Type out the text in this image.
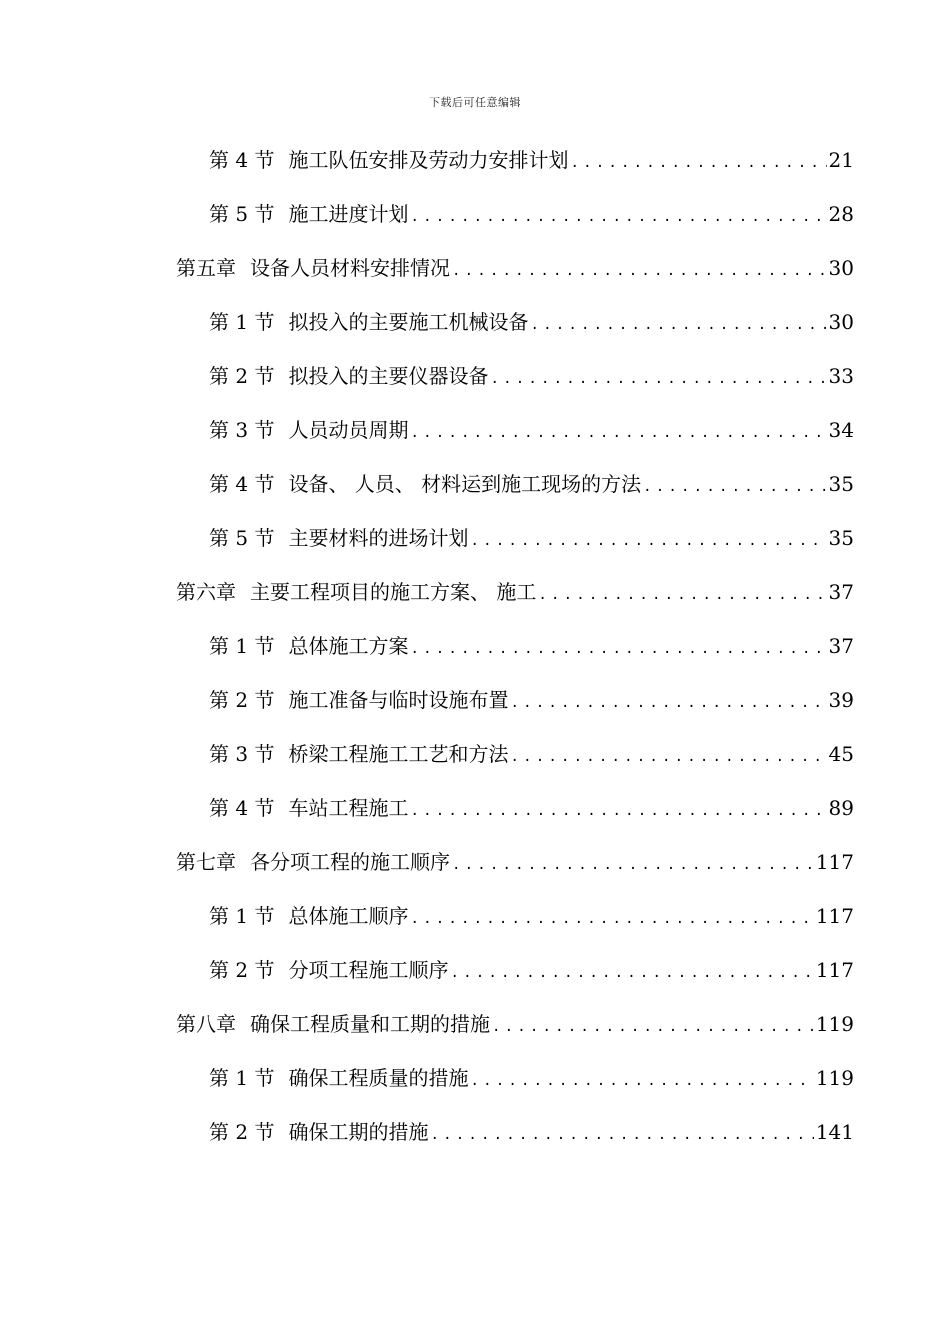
下载后可任意编辑
第 4 节 施工队伍安排及劳动力安排计划 .....	21
第 5 节 施工进度计划 .....	28
第五章 设备人员材料安排情况 .....	30
第 1 节 拟投入的主要施工机械设备 .....	30
第 2 节 拟投入的主要仪器设备 .....	33
第 3 节 人员动员周期 .....	34
第 4 节 设备、 人员、 材料运到施工现场的方法 .....	35
第 5 节 主要材料的进场计划 .....	35
第六章 主要工程项目的施工方案、 施工 .....	37
第 1 节 总体施工方案 .....	37
第 2 节 施工准备与临时设施布置 .....	39
第 3 节 桥梁工程施工工艺和方法 .....	45
第 4 节 车站工程施工 .....	89
第七章 各分项工程的施工顺序 .....	117
第 1 节 总体施工顺序 .....	117
第 2 节 分项工程施工顺序 .....	117
第八章 确保工程质量和工期的措施 .....	119
第 1 节 确保工程质量的措施 .....	119
第 2 节 确保工期的措施 .....	141
